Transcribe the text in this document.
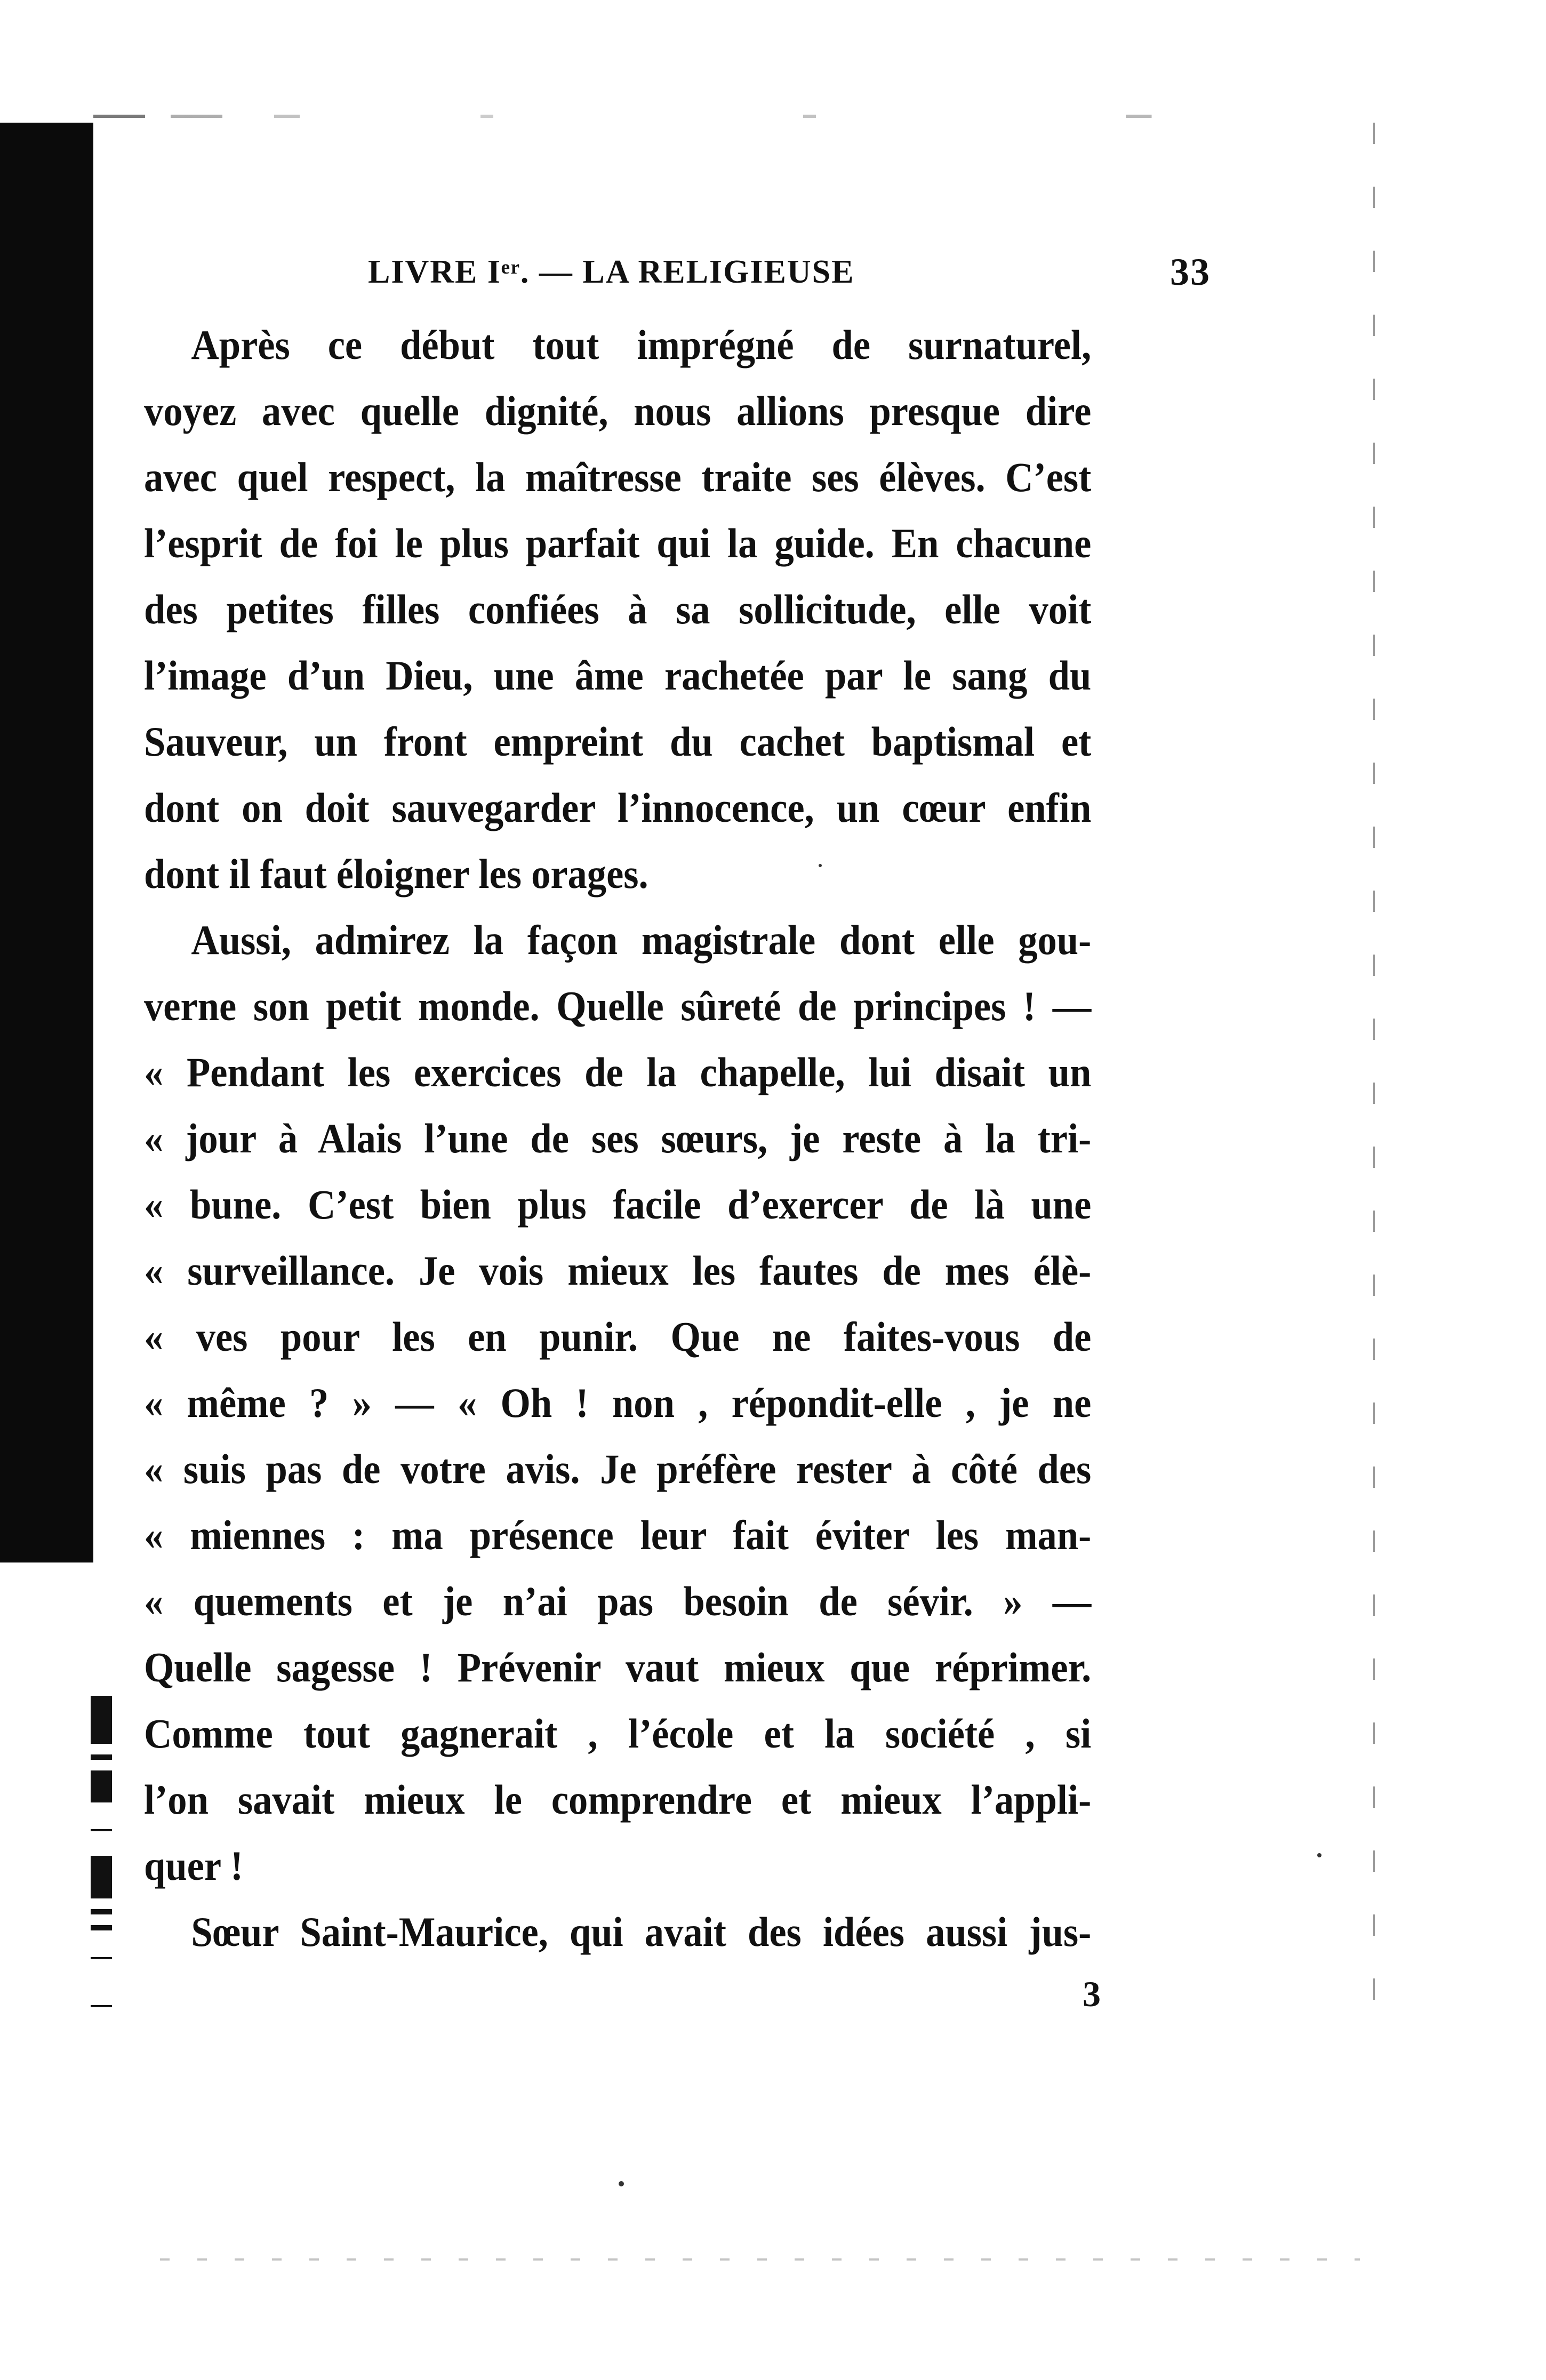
LIVRE Iᵉʳ. — LA RELIGIEUSE	33
Après ce début tout imprégné de surnaturel,
voyez avec quelle dignité, nous allions presque dire
avec quel respect, la maîtresse traite ses élèves. C’est
l’esprit de foi le plus parfait qui la guide. En chacune
des petites filles confiées à sa sollicitude, elle voit
l’image d’un Dieu, une âme rachetée par le sang du
Sauveur, un front empreint du cachet baptismal et
dont on doit sauvegarder l’innocence, un cœur enfin
dont il faut éloigner les orages.
Aussi, admirez la façon magistrale dont elle gou-
verne son petit monde. Quelle sûreté de principes ! —
« Pendant les exercices de la chapelle, lui disait un
« jour à Alais l’une de ses sœurs, je reste à la tri-
« bune. C’est bien plus facile d’exercer de là une
« surveillance. Je vois mieux les fautes de mes élè-
« ves pour les en punir. Que ne faites-vous de
« même ? » — « Oh ! non , répondit-elle , je ne
« suis pas de votre avis. Je préfère rester à côté des
« miennes : ma présence leur fait éviter les man-
« quements et je n’ai pas besoin de sévir. » —
Quelle sagesse ! Prévenir vaut mieux que réprimer.
Comme tout gagnerait , l’école et la société , si
l’on savait mieux le comprendre et mieux l’appli-
quer !
Sœur Saint-Maurice, qui avait des idées aussi jus-
3
